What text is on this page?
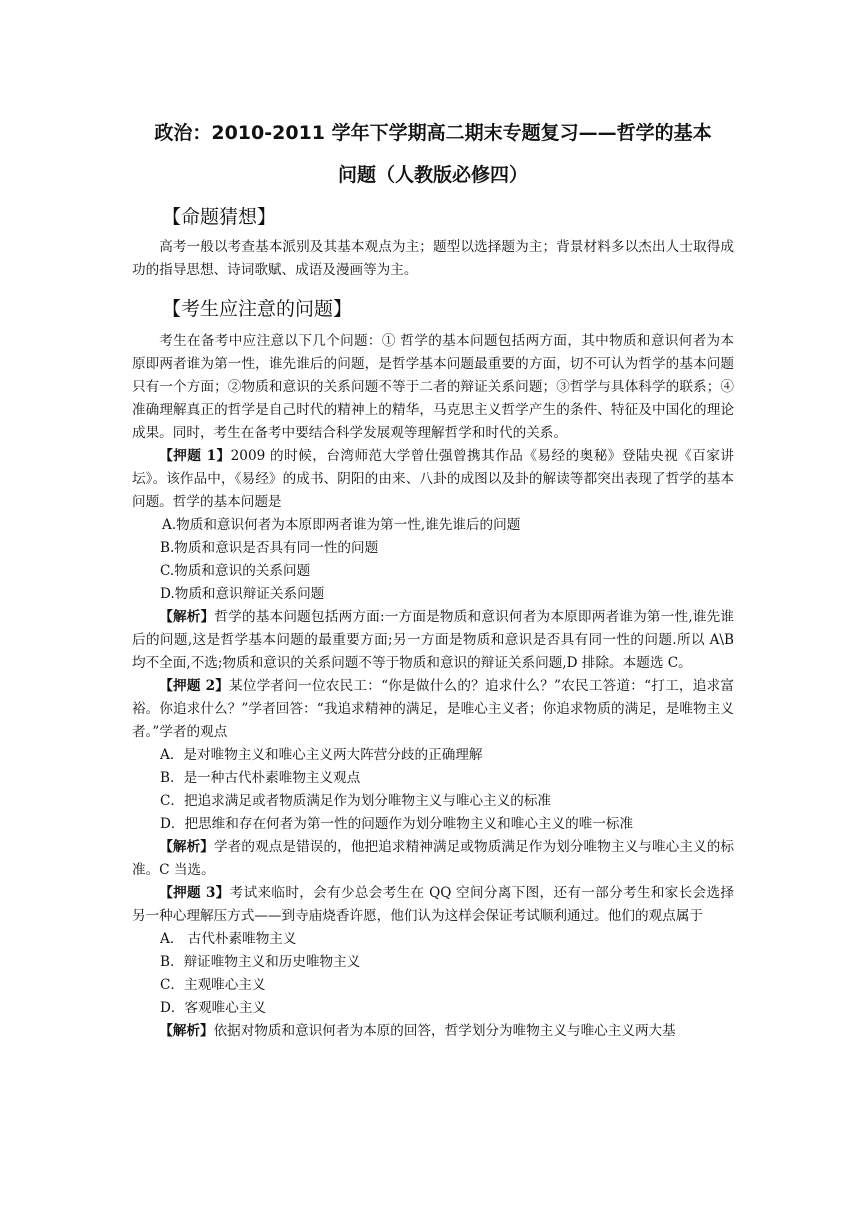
政治：2010-2011 学年下学期高二期末专题复习——哲学的基本
问题（人教版必修四）
【命题猜想】

高考一般以考查基本派别及其基本观点为主；题型以选择题为主；背景材料多以杰出人士取得成功的指导思想、诗词歌赋、成语及漫画等为主。

【考生应注意的问题】

考生在备考中应注意以下几个问题：① 哲学的基本问题包括两方面，其中物质和意识何者为本原即两者谁为第一性，谁先谁后的问题，是哲学基本问题最重要的方面，切不可认为哲学的基本问题只有一个方面；②物质和意识的关系问题不等于二者的辩证关系问题；③哲学与具体科学的联系；④准确理解真正的哲学是自己时代的精神上的精华，马克思主义哲学产生的条件、特征及中国化的理论成果。同时，考生在备考中要结合科学发展观等理解哲学和时代的关系。

【押题 1】2009 的时候，台湾师范大学曾仕强曾携其作品《易经的奥秘》登陆央视《百家讲坛》。该作品中，《易经》的成书、阴阳的由来、八卦的成图以及卦的解读等都突出表现了哲学的基本问题。哲学的基本问题是

A.物质和意识何者为本原即两者谁为第一性,谁先谁后的问题
B.物质和意识是否具有同一性的问题
C.物质和意识的关系问题
D.物质和意识辩证关系问题

【解析】哲学的基本问题包括两方面:一方面是物质和意识何者为本原即两者谁为第一性,谁先谁后的问题,这是哲学基本问题的最重要方面;另一方面是物质和意识是否具有同一性的问题.所以 A\B 均不全面,不选;物质和意识的关系问题不等于物质和意识的辩证关系问题,D 排除。本题选 C。

【押题 2】某位学者问一位农民工：“你是做什么的？追求什么？”农民工答道：“打工，追求富裕。你追求什么？”学者回答：“我追求精神的满足，是唯心主义者；你追求物质的满足，是唯物主义者。”学者的观点

A．是对唯物主义和唯心主义两大阵营分歧的正确理解
B．是一种古代朴素唯物主义观点
C．把追求满足或者物质满足作为划分唯物主义与唯心主义的标准
D．把思维和存在何者为第一性的问题作为划分唯物主义和唯心主义的唯一标准

【解析】学者的观点是错误的，他把追求精神满足或物质满足作为划分唯物主义与唯心主义的标准。C 当选。

【押题 3】考试来临时，会有少总会考生在 QQ 空间分离下图，还有一部分考生和家长会选择另一种心理解压方式——到寺庙烧香许愿，他们认为这样会保证考试顺利通过。他们的观点属于

A． 古代朴素唯物主义
B．辩证唯物主义和历史唯物主义
C．主观唯心主义
D．客观唯心主义

【解析】依据对物质和意识何者为本原的回答，哲学划分为唯物主义与唯心主义两大基
